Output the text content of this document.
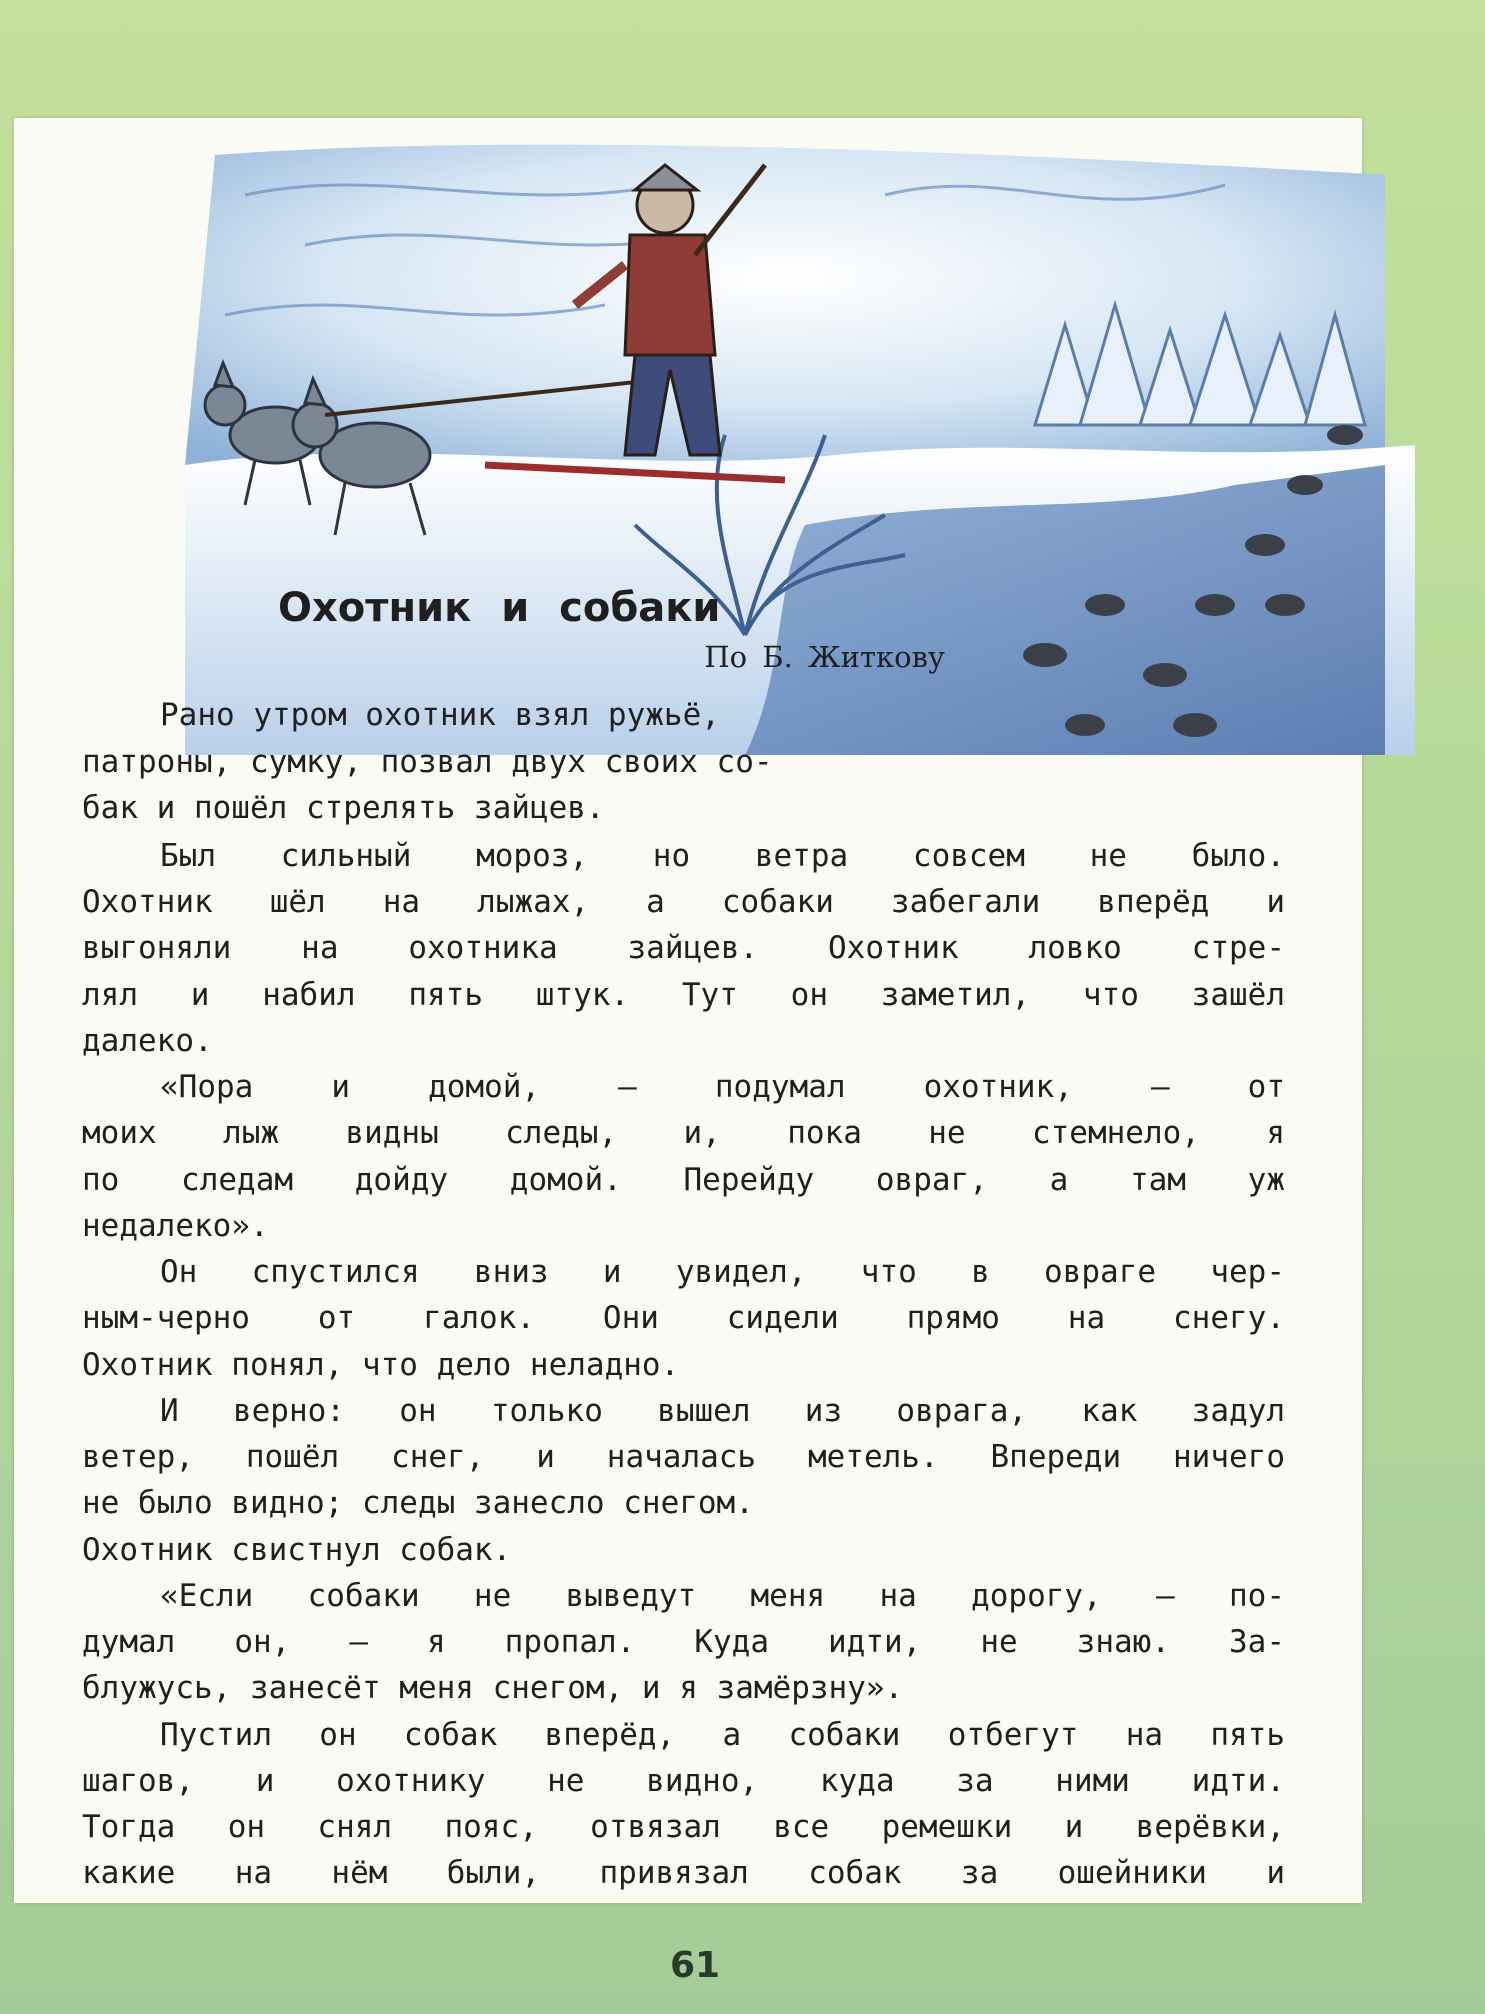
Охотник и собаки
По Б. Житкову

Рано утром охотник взял ружьё,

патроны, сумку, позвал двух своих со-

бак и пошёл стрелять зайцев.

Был сильный мороз, но ветра совсем не было.

Охотник шёл на лыжах, а собаки забегали вперёд и

выгоняли на охотника зайцев. Охотник ловко стре-

лял и набил пять штук. Тут он заметил, что зашёл

далеко.

«Пора и домой, — подумал охотник, — от

моих лыж видны следы, и, пока не стемнело, я

по следам дойду домой. Перейду овраг, а там уж

недалеко».

Он спустился вниз и увидел, что в овраге чер-

ным-черно от галок. Они сидели прямо на снегу.

Охотник понял, что дело неладно.

И верно: он только вышел из оврага, как задул

ветер, пошёл снег, и началась метель. Впереди ничего

не было видно; следы занесло снегом.

Охотник свистнул собак.

«Если собаки не выведут меня на дорогу, — по-

думал он, — я пропал. Куда идти, не знаю. За-

блужусь, занесёт меня снегом, и я замёрзну».

Пустил он собак вперёд, а собаки отбегут на пять

шагов, и охотнику не видно, куда за ними идти.

Тогда он снял пояс, отвязал все ремешки и верёвки,

какие на нём были, привязал собак за ошейники и

61
